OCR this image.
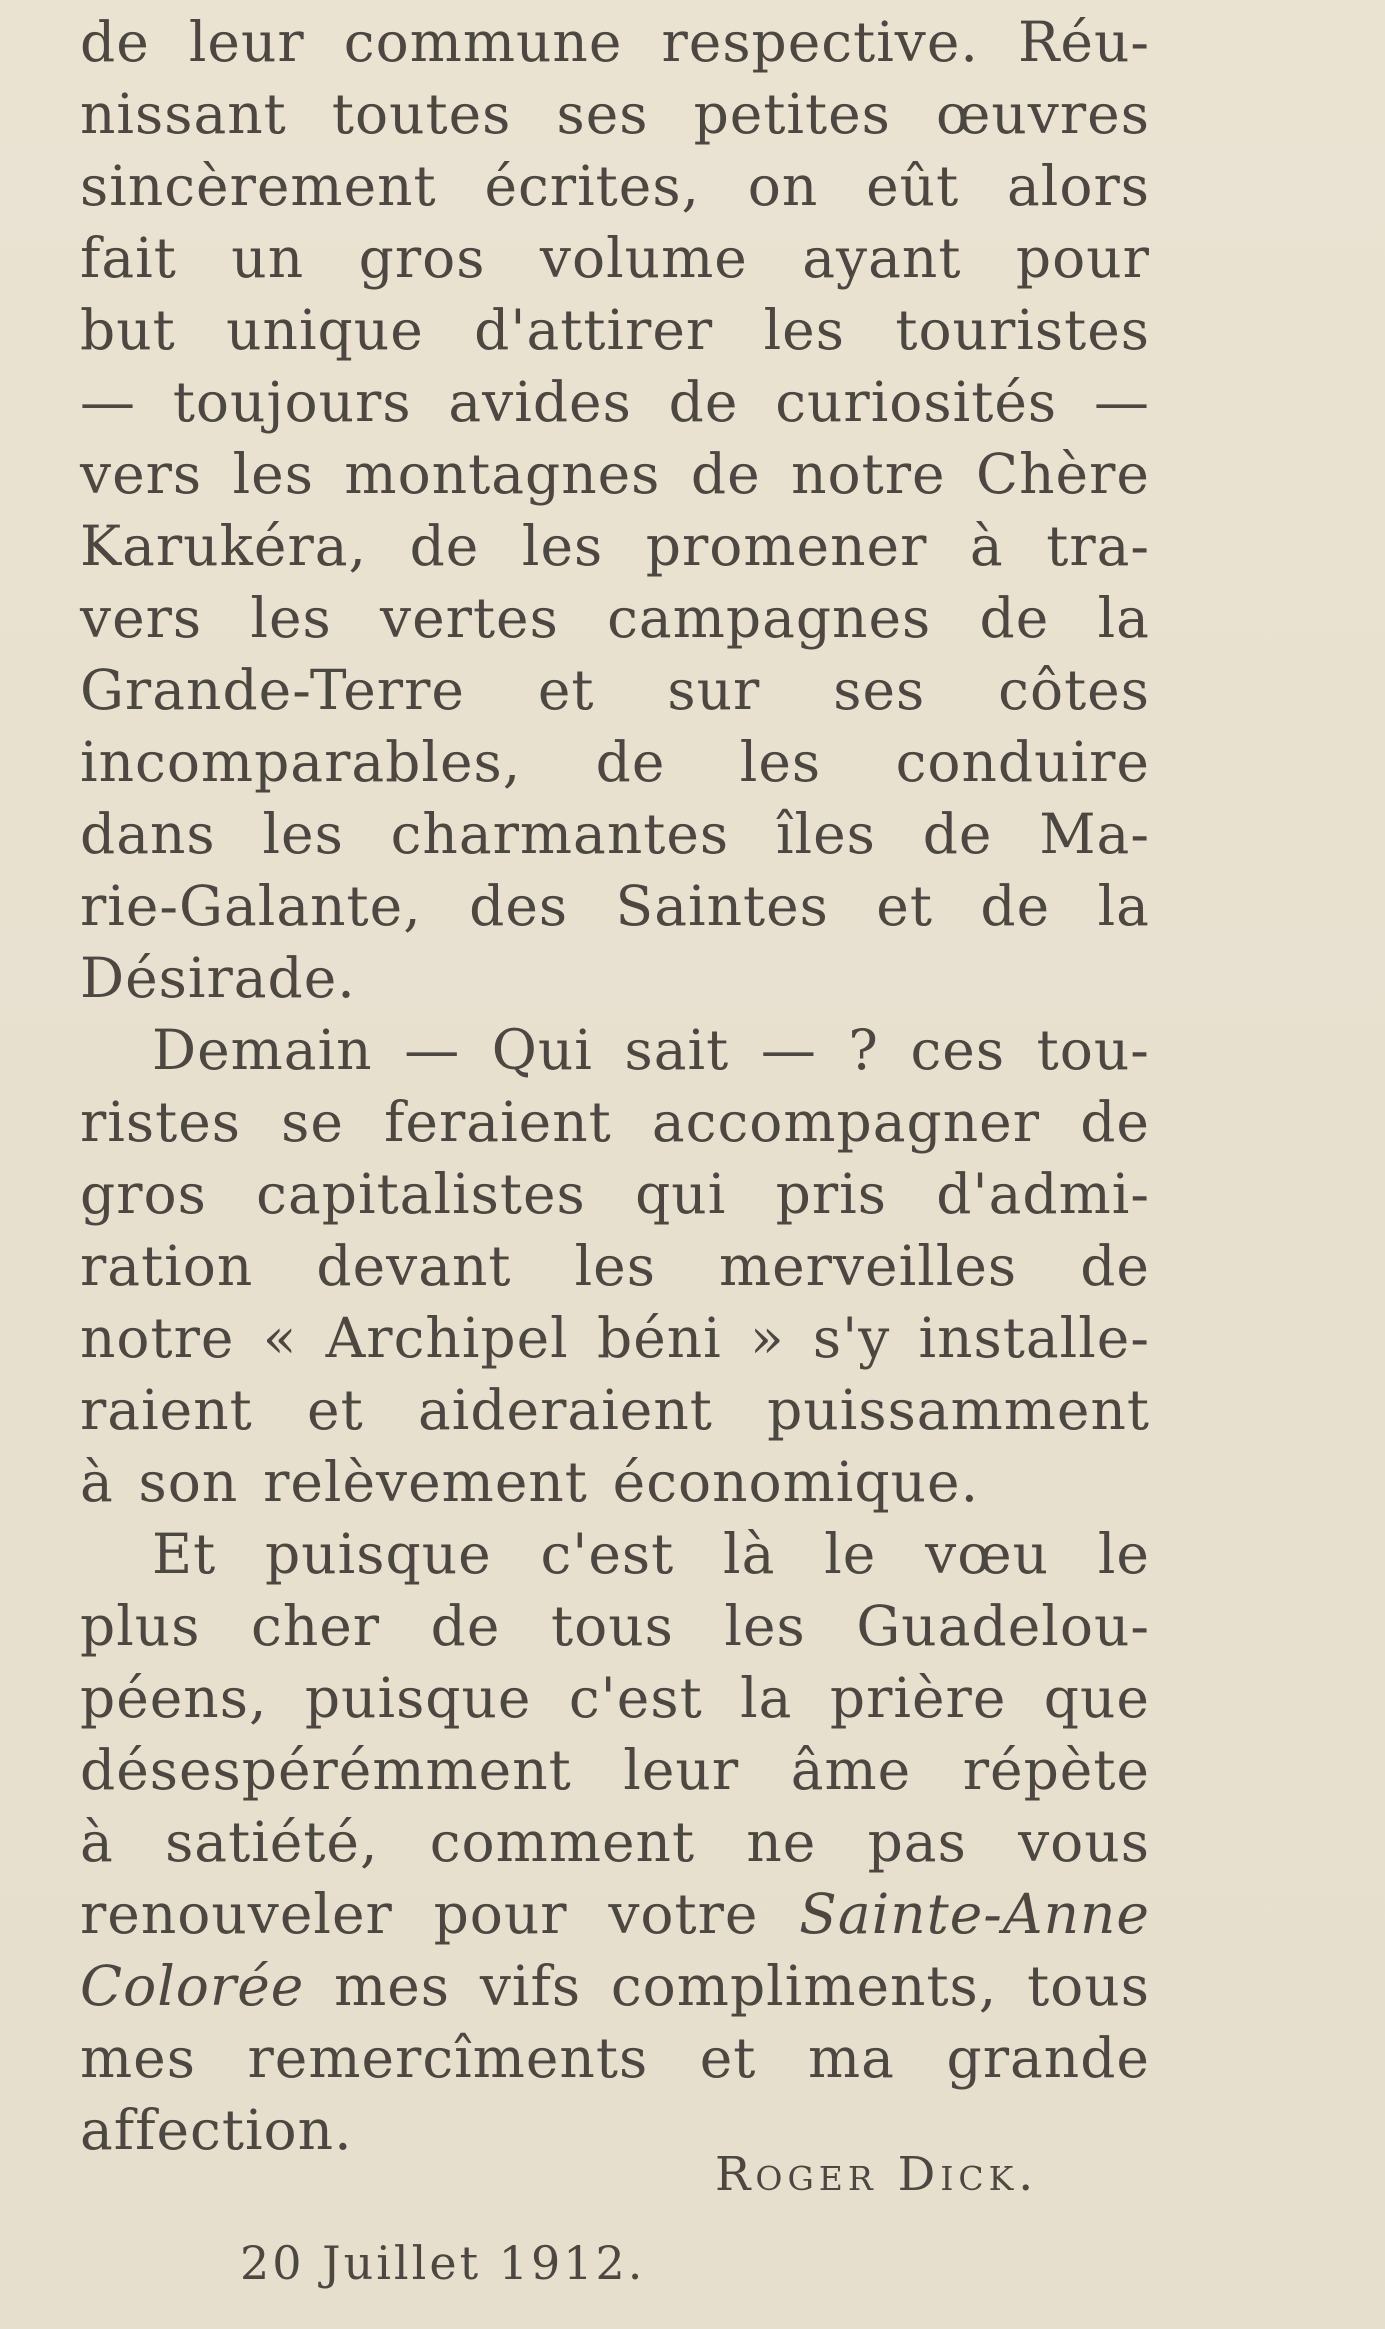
de leur commune respective. Réu-
nissant toutes ses petites œuvres
sincèrement écrites, on eût alors
fait un gros volume ayant pour
but unique d'attirer les touristes
— toujours avides de curiosités —
vers les montagnes de notre Chère
Karukéra, de les promener à tra-
vers les vertes campagnes de la
Grande-Terre et sur ses côtes
incomparables, de les conduire
dans les charmantes îles de Ma-
rie-Galante, des Saintes et de la
Désirade.
Demain — Qui sait — ? ces tou-
ristes se feraient accompagner de
gros capitalistes qui pris d'admi-
ration devant les merveilles de
notre « Archipel béni » s'y installe-
raient et aideraient puissamment
à son relèvement économique.
Et puisque c'est là le vœu le
plus cher de tous les Guadelou-
péens, puisque c'est la prière que
désespérémment leur âme répète
à satiété, comment ne pas vous
renouveler pour votre Sainte-Anne
Colorée mes vifs compliments, tous
mes remercîments et ma grande
affection.
Roger Dick.
20 Juillet 1912.
